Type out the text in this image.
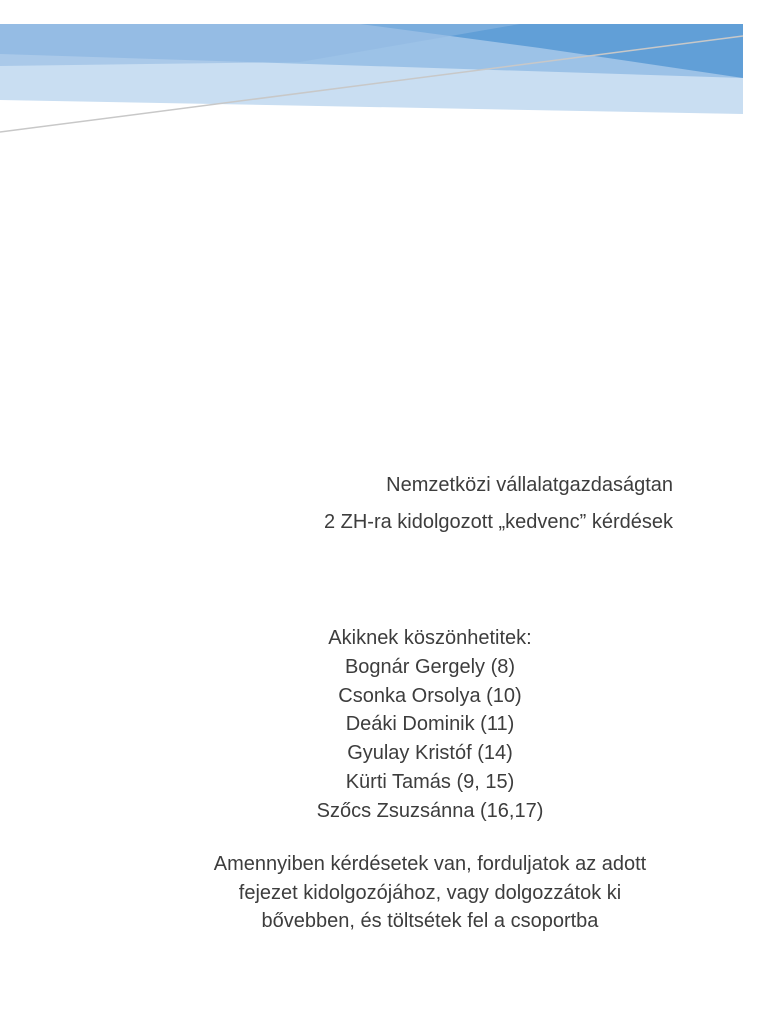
Nemzetközi vállalatgazdaságtan

2 ZH-ra kidolgozott „kedvenc” kérdések

Akiknek köszönhetitek:

Bognár Gergely (8)

Csonka Orsolya (10)

Deáki Dominik (11)

Gyulay Kristóf (14)

Kürti Tamás (9, 15)

Szőcs Zsuzsánna (16,17)

Amennyiben kérdésetek van, forduljatok az adott

fejezet kidolgozójához, vagy dolgozzátok ki

bővebben, és töltsétek fel a csoportba
